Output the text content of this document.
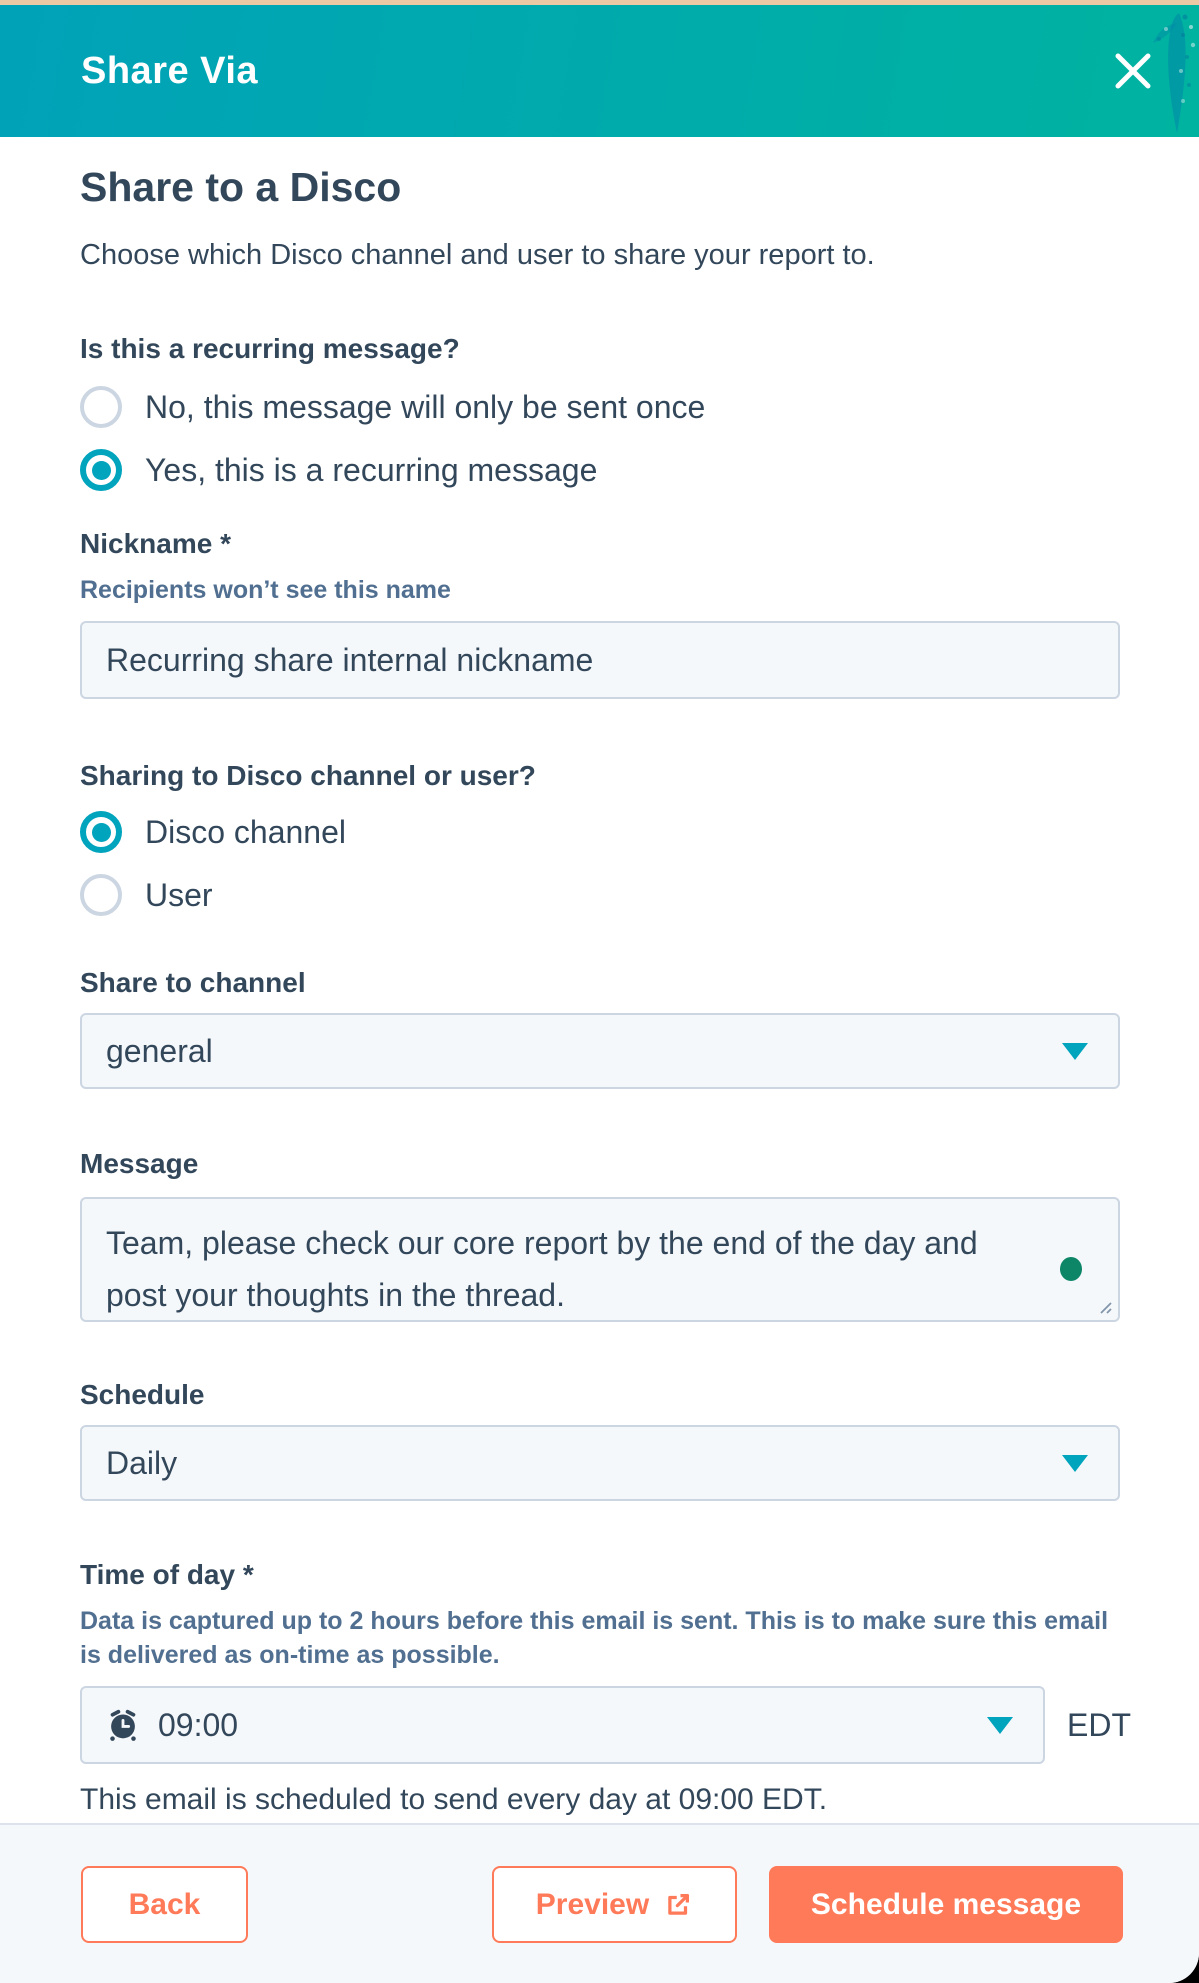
Share Via
Share to a Disco

Choose which Disco channel and user to share your report to.

Is this a recurring message?
No, this message will only be sent once
Yes, this is a recurring message
Nickname *
Recipients won’t see this name
Recurring share internal nickname
Sharing to Disco channel or user?
Disco channel
User
Share to channel
general
Message
Team, please check our core report by the end of the day and post your thoughts in the thread.
Schedule
Daily
Time of day *
Data is captured up to 2 hours before this email is sent. This is to make sure this email is delivered as on-time as possible.
09:00	EDT
This email is scheduled to send every day at 09:00 EDT.
Back	Preview	Schedule message
